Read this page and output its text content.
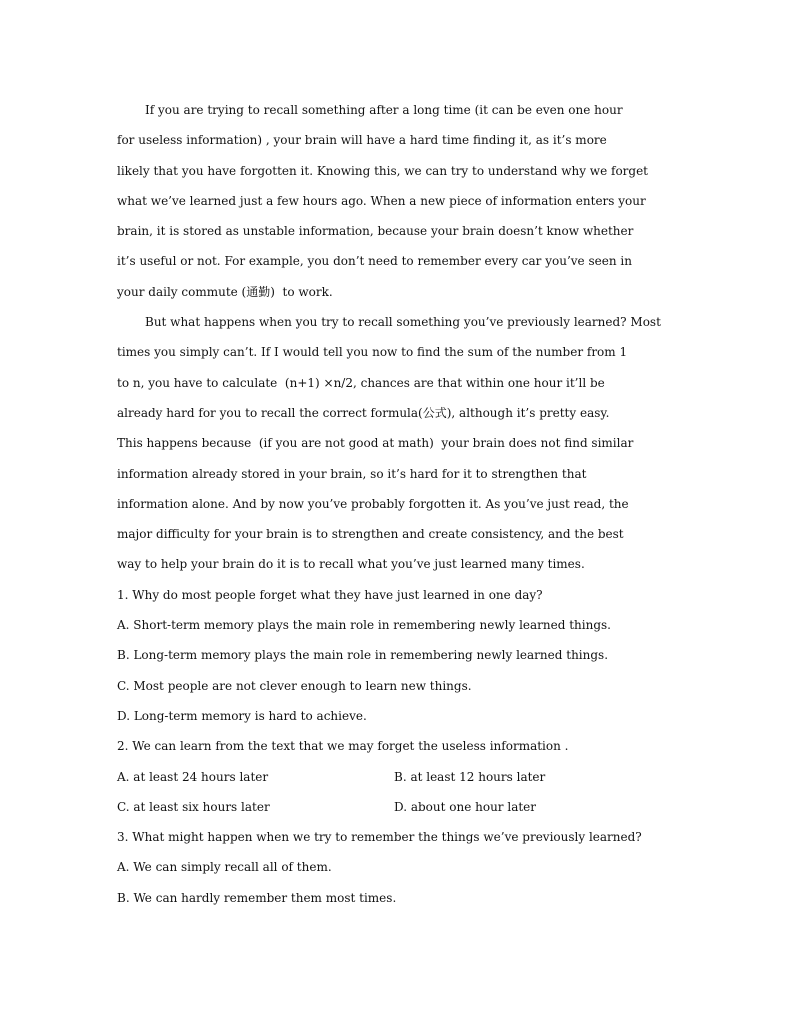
If you are trying to recall something after a long time (it can be even one hour
for useless information) , your brain will have a hard time finding it, as it’s more
likely that you have forgotten it. Knowing this, we can try to understand why we forget
what we’ve learned just a few hours ago. When a new piece of information enters your
brain, it is stored as unstable information, because your brain doesn’t know whether
it’s useful or not. For example, you don’t need to remember every car you’ve seen in
your daily commute (通勤)  to work.
But what happens when you try to recall something you’ve previously learned? Most
times you simply can’t. If I would tell you now to find the sum of the number from 1
to n, you have to calculate  (n+1) ×n/2, chances are that within one hour it’ll be
already hard for you to recall the correct formula(公式), although it’s pretty easy.
This happens because  (if you are not good at math)  your brain does not find similar
information already stored in your brain, so it’s hard for it to strengthen that
information alone. And by now you’ve probably forgotten it. As you’ve just read, the
major difficulty for your brain is to strengthen and create consistency, and the best
way to help your brain do it is to recall what you’ve just learned many times.
1. Why do most people forget what they have just learned in one day?
A. Short-term memory plays the main role in remembering newly learned things.
B. Long-term memory plays the main role in remembering newly learned things.
C. Most people are not clever enough to learn new things.
D. Long-term memory is hard to achieve.
2. We can learn from the text that we may forget the useless information .
A. at least 24 hours later	B. at least 12 hours later
C. at least six hours later	D. about one hour later
3. What might happen when we try to remember the things we’ve previously learned?
A. We can simply recall all of them.
B. We can hardly remember them most times.
